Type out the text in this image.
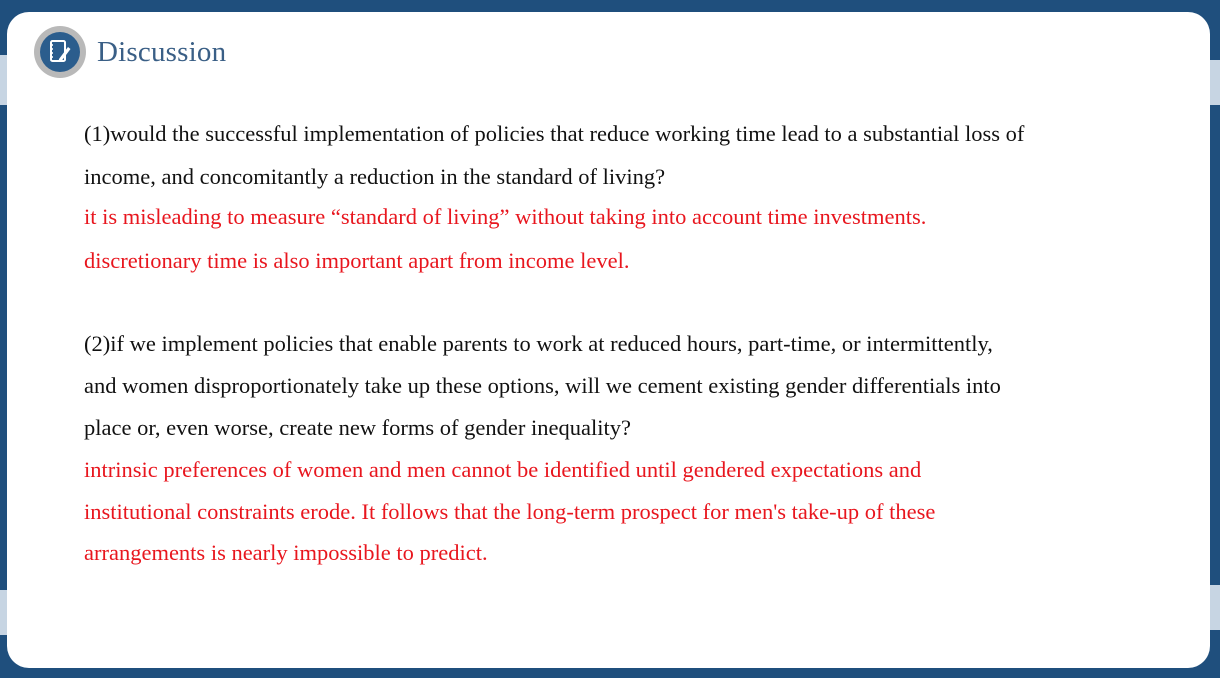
Discussion
(1)would the successful implementation of policies that reduce working time lead to a substantial loss of
income, and concomitantly a reduction in the standard of living?
it is misleading to measure “standard of living” without taking into account time investments.
discretionary time is also important apart from income level.
(2)if we implement policies that enable parents to work at reduced hours, part-time, or intermittently,
and women disproportionately take up these options, will we cement existing gender differentials into
place or, even worse, create new forms of gender inequality?
intrinsic preferences of women and men cannot be identified until gendered expectations and
institutional constraints erode. It follows that the long-term prospect for men's take-up of these
arrangements is nearly impossible to predict.
